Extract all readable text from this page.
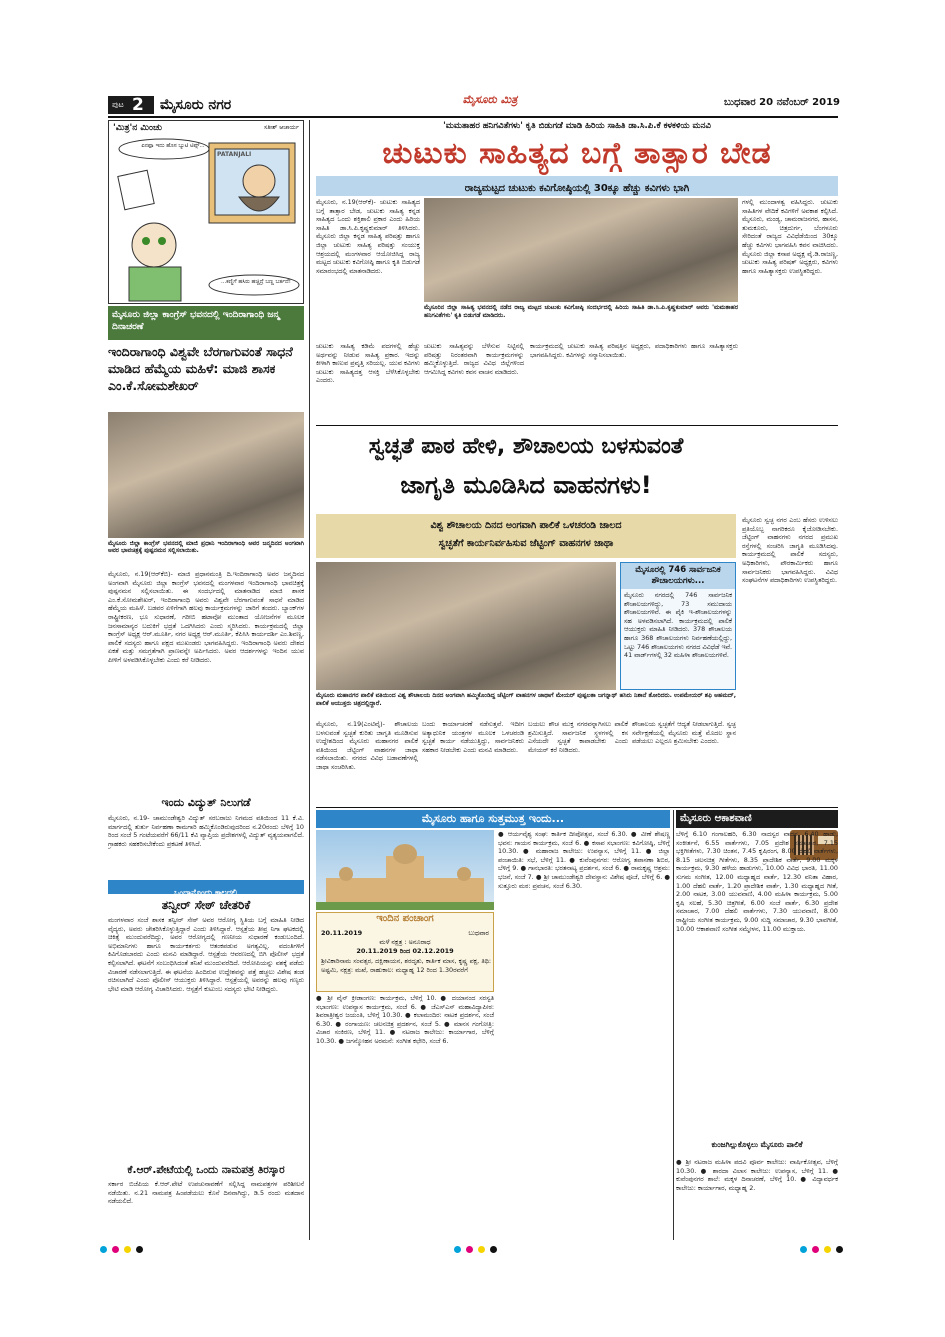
ಪುಟ 2 ಮೈಸೂರು ನಗರ	ಮೈಸೂರು ಮಿತ್ರ	ಬುಧವಾರ 20 ನವೆಂಬರ್ 2019
'ಮಿತ್ರ'ನ ಮಿಂಚು	ಸತೀಶ್ ಆಚಾರ್ಯ
ಏನಪ್ಪಾ ಇದು ಹೊಸ ಬ್ಯುಟಿ ಟಿಪ್ಸ್...
...ಕಣ್ಣಿಗೆ ಹಸಿರು ಹಚ್ಚಿದ್ರೆ ಬಣ್ಣ ಬರ್ತದೆ!
PATANJALI
ಮೈಸೂರು ಜಿಲ್ಲಾ ಕಾಂಗ್ರೆಸ್ ಭವನದಲ್ಲಿ ಇಂದಿರಾಗಾಂಧಿ ಜನ್ಮ ದಿನಾಚರಣೆ
ಇಂದಿರಾಗಾಂಧಿ ವಿಶ್ವವೇ ಬೆರಗಾಗುವಂತೆ ಸಾಧನೆ ಮಾಡಿದ ಹೆಮ್ಮೆಯ ಮಹಿಳೆ: ಮಾಜಿ ಶಾಸಕ ಎಂ.ಕೆ.ಸೋಮಶೇಖರ್
ಮೈಸೂರು ಜಿಲ್ಲಾ ಕಾಂಗ್ರೆಸ್ ಭವನದಲ್ಲಿ ಮಾಜಿ ಪ್ರಧಾನಿ ಇಂದಿರಾಗಾಂಧಿ ಅವರ ಜನ್ಮದಿನದ ಅಂಗವಾಗಿ ಅವರ ಭಾವಚಿತ್ರಕ್ಕೆ ಪುಷ್ಪನಮನ ಸಲ್ಲಿಸಲಾಯಿತು.
ಮೈಸೂರು, ನ.19(ಆರ್‌ಕೆಬಿ)- ಮಾಜಿ ಪ್ರಧಾನಮಂತ್ರಿ ದಿ.ಇಂದಿರಾಗಾಂಧಿ ಅವರ ಜನ್ಮದಿನದ ಅಂಗವಾಗಿ ಮೈಸೂರು ಜಿಲ್ಲಾ ಕಾಂಗ್ರೆಸ್ ಭವನದಲ್ಲಿ ಮಂಗಳವಾರ ಇಂದಿರಾಗಾಂಧಿ ಭಾವಚಿತ್ರಕ್ಕೆ ಪುಷ್ಪನಮನ ಸಲ್ಲಿಸಲಾಯಿತು. ಈ ಸಂದರ್ಭದಲ್ಲಿ ಮಾತನಾಡಿದ ಮಾಜಿ ಶಾಸಕ ಎಂ.ಕೆ.ಸೋಮಶೇಖರ್, ಇಂದಿರಾಗಾಂಧಿ ಅವರು ವಿಶ್ವವೇ ಬೆರಗಾಗುವಂತೆ ಸಾಧನೆ ಮಾಡಿದ ಹೆಮ್ಮೆಯ ಮಹಿಳೆ. ಬಡವರ ಏಳಿಗೆಗಾಗಿ ಹಲವು ಕಾರ್ಯಕ್ರಮಗಳನ್ನು ಜಾರಿಗೆ ತಂದರು. ಬ್ಯಾಂಕ್‌ಗಳ ರಾಷ್ಟ್ರೀಕರಣ, ಭೂ ಸುಧಾರಣೆ, ಗರೀಬಿ ಹಟಾವೋ ಮುಂತಾದ ಯೋಜನೆಗಳ ಮೂಲಕ ಜನಸಾಮಾನ್ಯರ ಬದುಕಿಗೆ ಭದ್ರತೆ ಒದಗಿಸಿದರು ಎಂದು ಸ್ಮರಿಸಿದರು. ಕಾರ್ಯಕ್ರಮದಲ್ಲಿ ಜಿಲ್ಲಾ ಕಾಂಗ್ರೆಸ್ ಅಧ್ಯಕ್ಷ ಆರ್.ಮೂರ್ತಿ, ನಗರ ಅಧ್ಯಕ್ಷ ಆರ್.ಮೂರ್ತಿ, ಕೆಪಿಸಿಸಿ ಕಾರ್ಯದರ್ಶಿ ಎಂ.ಶಿವಣ್ಣ, ಪಾಲಿಕೆ ಸದಸ್ಯರು ಹಾಗೂ ಪಕ್ಷದ ಮುಖಂಡರು ಭಾಗವಹಿಸಿದ್ದರು. ಇಂದಿರಾಗಾಂಧಿ ಅವರು ದೇಶದ ಏಕತೆ ಮತ್ತು ಸಮಗ್ರತೆಗಾಗಿ ಪ್ರಾಣವನ್ನೇ ಅರ್ಪಿಸಿದರು. ಅವರ ಆದರ್ಶಗಳನ್ನು ಇಂದಿನ ಯುವ ಪೀಳಿಗೆ ಅಳವಡಿಸಿಕೊಳ್ಳಬೇಕು ಎಂದು ಕರೆ ನೀಡಿದರು.
ಇಂದು ವಿದ್ಯುತ್ ನಿಲುಗಡೆ
ಮೈಸೂರು, ನ.19- ಚಾಮುಂಡೇಶ್ವರಿ ವಿದ್ಯುತ್ ಸರಬರಾಜು ನಿಗಮದ ವತಿಯಿಂದ 11 ಕೆ.ವಿ. ಮಾರ್ಗದಲ್ಲಿ ತುರ್ತು ನಿರ್ವಹಣಾ ಕಾಮಗಾರಿ ಹಮ್ಮಿಕೊಂಡಿರುವುದರಿಂದ ನ.20ರಂದು ಬೆಳಿಗ್ಗೆ 10 ರಿಂದ ಸಂಜೆ 5 ಗಂಟೆಯವರೆಗೆ 66/11 ಕೆವಿ ವ್ಯಾಪ್ತಿಯ ಪ್ರದೇಶಗಳಲ್ಲಿ ವಿದ್ಯುತ್ ವ್ಯತ್ಯಯವಾಗಲಿದೆ. ಗ್ರಾಹಕರು ಸಹಕರಿಸಬೇಕೆಂದು ಪ್ರಕಟಣೆ ತಿಳಿಸಿದೆ.
ಒಂದಾನೊಂದು ಕಾಲದಲ್ಲಿ
ತನ್ವೀರ್ ಸೇಠ್ ಚೇತರಿಕೆ
ಮಂಗಳವಾರ ಸಂಜೆ ಶಾಸಕ ತನ್ವೀರ್ ಸೇಠ್ ಅವರ ಆರೋಗ್ಯ ಸ್ಥಿತಿಯ ಬಗ್ಗೆ ಮಾಹಿತಿ ನೀಡಿದ ವೈದ್ಯರು, ಅವರು ಚೇತರಿಸಿಕೊಳ್ಳುತ್ತಿದ್ದಾರೆ ಎಂದು ತಿಳಿಸಿದ್ದಾರೆ. ಆಸ್ಪತ್ರೆಯ ತೀವ್ರ ನಿಗಾ ಘಟಕದಲ್ಲಿ ಚಿಕಿತ್ಸೆ ಮುಂದುವರೆದಿದ್ದು, ಅವರ ಆರೋಗ್ಯದಲ್ಲಿ ಗಣನೀಯ ಸುಧಾರಣೆ ಕಂಡುಬಂದಿದೆ. ಅಭಿಮಾನಿಗಳು ಹಾಗೂ ಕಾರ್ಯಕರ್ತರು ಆತಂಕಪಡುವ ಅಗತ್ಯವಿಲ್ಲ. ವದಂತಿಗಳಿಗೆ ಕಿವಿಗೊಡಬಾರದು ಎಂದು ಮನವಿ ಮಾಡಿದ್ದಾರೆ. ಆಸ್ಪತ್ರೆಯ ಆವರಣದಲ್ಲಿ ಬಿಗಿ ಪೊಲೀಸ್ ಭದ್ರತೆ ಕಲ್ಪಿಸಲಾಗಿದೆ. ಘಟನೆಗೆ ಸಂಬಂಧಿಸಿದಂತೆ ತನಿಖೆ ಮುಂದುವರೆದಿದೆ. ಆರೋಪಿಯನ್ನು ವಶಕ್ಕೆ ಪಡೆದು ವಿಚಾರಣೆ ನಡೆಸಲಾಗುತ್ತಿದೆ. ಈ ಘಟನೆಯ ಹಿಂದಿರುವ ಉದ್ದೇಶವನ್ನು ಪತ್ತೆ ಹಚ್ಚಲು ವಿಶೇಷ ತಂಡ ರಚಿಸಲಾಗಿದೆ ಎಂದು ಪೊಲೀಸ್ ಆಯುಕ್ತರು ತಿಳಿಸಿದ್ದಾರೆ. ಆಸ್ಪತ್ರೆಯಲ್ಲಿ ಅವರನ್ನು ಹಲವು ಗಣ್ಯರು ಭೇಟಿ ಮಾಡಿ ಆರೋಗ್ಯ ವಿಚಾರಿಸಿದರು. ಆಸ್ಪತ್ರೆಗೆ ಕುಟುಂಬ ಸದಸ್ಯರು ಭೇಟಿ ನೀಡಿದ್ದರು.
ಕೆ.ಆರ್.ಪೇಟೆಯಲ್ಲಿ ಒಂದು ನಾಮಪತ್ರ ತಿರಸ್ಕಾರ
ಸರ್ಕಾರ ಬಿಜೆಪಿಯ ಕೆ.ಆರ್.ಪೇಟೆ ಉಪಚುನಾವಣೆಗೆ ಸಲ್ಲಿಸಿದ್ದ ನಾಮಪತ್ರಗಳ ಪರಿಶೀಲನೆ ನಡೆಯಿತು. ನ.21 ನಾಮಪತ್ರ ಹಿಂಪಡೆಯಲು ಕೊನೆ ದಿನವಾಗಿದ್ದು, ಡಿ.5 ರಂದು ಮತದಾನ ನಡೆಯಲಿದೆ.
'ಮಮತಾಹರ ಹನಿಗವಿತೆಗಳು' ಕೃತಿ ಬಿಡುಗಡೆ ಮಾಡಿ ಹಿರಿಯ ಸಾಹಿತಿ ಡಾ.ಸಿ.ಪಿ.ಕೆ ಕಳಕಳಿಯ ಮನವಿ
ಚುಟುಕು ಸಾಹಿತ್ಯದ ಬಗ್ಗೆ ತಾತ್ಸಾರ ಬೇಡ
ರಾಜ್ಯಮಟ್ಟದ ಚುಟುಕು ಕವಿಗೋಷ್ಠಿಯಲ್ಲಿ 30ಕ್ಕೂ ಹೆಚ್ಚು ಕವಿಗಳು ಭಾಗಿ
ಮೈಸೂರು, ನ.19(ಆರ್‌ಕೆ)- ಚುಟುಕು ಸಾಹಿತ್ಯದ ಬಗ್ಗೆ ತಾತ್ಸಾರ ಬೇಡ, ಚುಟುಕು ಸಾಹಿತ್ಯ ಕನ್ನಡ ಸಾಹಿತ್ಯದ ಒಂದು ಶಕ್ತಿಶಾಲಿ ಪ್ರಕಾರ ಎಂದು ಹಿರಿಯ ಸಾಹಿತಿ ಡಾ.ಸಿ.ಪಿ.ಕೃಷ್ಣಕುಮಾರ್ ತಿಳಿಸಿದರು. ಮೈಸೂರು ಜಿಲ್ಲಾ ಕನ್ನಡ ಸಾಹಿತ್ಯ ಪರಿಷತ್ತು ಹಾಗೂ ಜಿಲ್ಲಾ ಚುಟುಕು ಸಾಹಿತ್ಯ ಪರಿಷತ್ತು ಸಂಯುಕ್ತ ಆಶ್ರಯದಲ್ಲಿ ಮಂಗಳವಾರ ಆಯೋಜಿಸಿದ್ದ ರಾಜ್ಯ ಮಟ್ಟದ ಚುಟುಕು ಕವಿಗೋಷ್ಠಿ ಹಾಗೂ ಕೃತಿ ಬಿಡುಗಡೆ ಸಮಾರಂಭದಲ್ಲಿ ಮಾತನಾಡಿದರು.
ಮೈಸೂರಿನ ಜಿಲ್ಲಾ ಸಾಹಿತ್ಯ ಭವನದಲ್ಲಿ ನಡೆದ ರಾಜ್ಯ ಮಟ್ಟದ ಚುಟುಕು ಕವಿಗೋಷ್ಠಿ ಸಂದರ್ಭದಲ್ಲಿ ಹಿರಿಯ ಸಾಹಿತಿ ಡಾ.ಸಿ.ಪಿ.ಕೃಷ್ಣಕುಮಾರ್ ಅವರು 'ಮಮತಾಹರ ಹನಿಗವಿತೆಗಳು' ಕೃತಿ ಬಿಡುಗಡೆ ಮಾಡಿದರು.
ಗಳಲ್ಲಿ ಮುಂದಾಳತ್ವ ವಹಿಸಿದ್ದರು. ಚುಟುಕು ಸಾಹಿತಿಗಳ ವೇದಿಕೆ ಕವಿಗಳಿಗೆ ಅವಕಾಶ ಕಲ್ಪಿಸಿದೆ. ಮೈಸೂರು, ಮಂಡ್ಯ, ಚಾಮರಾಜನಗರ, ಹಾಸನ, ತುಮಕೂರು, ಚಿತ್ರದುರ್ಗ, ಬೆಂಗಳೂರು ಸೇರಿದಂತೆ ರಾಜ್ಯದ ವಿವಿಧೆಡೆಯಿಂದ 30ಕ್ಕೂ ಹೆಚ್ಚು ಕವಿಗಳು ಭಾಗವಹಿಸಿ ಕವನ ವಾಚಿಸಿದರು. ಮೈಸೂರು ಜಿಲ್ಲಾ ಕಸಾಪ ಅಧ್ಯಕ್ಷ ವೈ.ಡಿ.ರಾಜಣ್ಣ, ಚುಟುಕು ಸಾಹಿತ್ಯ ಪರಿಷತ್ ಅಧ್ಯಕ್ಷರು, ಕವಿಗಳು ಹಾಗೂ ಸಾಹಿತ್ಯಾಸಕ್ತರು ಉಪಸ್ಥಿತರಿದ್ದರು.
ಚುಟುಕು ಸಾಹಿತ್ಯ ಕಡಿಮೆ ಪದಗಳಲ್ಲಿ ಹೆಚ್ಚು ಅರ್ಥವನ್ನು ನೀಡುವ ಸಾಹಿತ್ಯ ಪ್ರಕಾರ. ಇದನ್ನು ಕೀಳಾಗಿ ಕಾಣುವ ಪ್ರವೃತ್ತಿ ಸರಿಯಲ್ಲ. ಯುವ ಕವಿಗಳು ಚುಟುಕು ಸಾಹಿತ್ಯದತ್ತ ಆಸಕ್ತಿ ಬೆಳೆಸಿಕೊಳ್ಳಬೇಕು ಎಂದರು.
ಚುಟುಕು ಸಾಹಿತ್ಯವನ್ನು ಬೆಳೆಸುವ ನಿಟ್ಟಿನಲ್ಲಿ ಪರಿಷತ್ತು ನಿರಂತರವಾಗಿ ಕಾರ್ಯಕ್ರಮಗಳನ್ನು ಹಮ್ಮಿಕೊಳ್ಳುತ್ತಿದೆ. ರಾಜ್ಯದ ವಿವಿಧ ಜಿಲ್ಲೆಗಳಿಂದ ಆಗಮಿಸಿದ್ದ ಕವಿಗಳು ಕವನ ವಾಚನ ಮಾಡಿದರು.
ಕಾರ್ಯಕ್ರಮದಲ್ಲಿ ಚುಟುಕು ಸಾಹಿತ್ಯ ಪರಿಷತ್ತಿನ ಅಧ್ಯಕ್ಷರು, ಪದಾಧಿಕಾರಿಗಳು ಹಾಗೂ ಸಾಹಿತ್ಯಾಸಕ್ತರು ಭಾಗವಹಿಸಿದ್ದರು. ಕವಿಗಳನ್ನು ಸನ್ಮಾನಿಸಲಾಯಿತು.
ಸ್ವಚ್ಛತೆ ಪಾಠ ಹೇಳಿ, ಶೌಚಾಲಯ ಬಳಸುವಂತೆ
ಜಾಗೃತಿ ಮೂಡಿಸಿದ ವಾಹನಗಳು!
ವಿಶ್ವ ಶೌಚಾಲಯ ದಿನದ ಅಂಗವಾಗಿ ಪಾಲಿಕೆ ಒಳಚರಂಡಿ ಜಾಲದ
ಸ್ವಚ್ಛತೆಗೆ ಕಾರ್ಯನಿರ್ವಹಿಸುವ ಜೆಟ್ಟಿಂಗ್ ವಾಹನಗಳ ಜಾಥಾ
ಮೈಸೂರು ಮಹಾನಗರ ಪಾಲಿಕೆ ವತಿಯಿಂದ ವಿಶ್ವ ಶೌಚಾಲಯ ದಿನದ ಅಂಗವಾಗಿ ಹಮ್ಮಿಕೊಂಡಿದ್ದ ಜೆಟ್ಟಿಂಗ್ ವಾಹನಗಳ ಜಾಥಾಗೆ ಮೇಯರ್ ಪುಷ್ಪಲತಾ ಜಗನ್ನಾಥ್ ಹಸಿರು ನಿಶಾನೆ ತೋರಿದರು. ಉಪಮೇಯರ್ ಶಫಿ ಅಹಮದ್, ಪಾಲಿಕೆ ಆಯುಕ್ತರು ಚಿತ್ರದಲ್ಲಿದ್ದಾರೆ.
ಮೈಸೂರಲ್ಲಿ 746 ಸಾರ್ವಜನಿಕ ಶೌಚಾಲಯಗಳು...
ಮೈಸೂರು ನಗರದಲ್ಲಿ 746 ಸಾರ್ವಜನಿಕ ಶೌಚಾಲಯಗಳಿದ್ದು, 73 ಸಮುದಾಯ ಶೌಚಾಲಯಗಳಿವೆ. ಈ ಪೈಕಿ ಇ-ಶೌಚಾಲಯಗಳನ್ನು ಸಹ ಅಳವಡಿಸಲಾಗಿದೆ. ಕಾರ್ಯಕ್ರಮದಲ್ಲಿ ಪಾಲಿಕೆ ಆಯುಕ್ತರು ಮಾಹಿತಿ ನೀಡಿದರು. 378 ಶೌಚಾಲಯ ಹಾಗೂ 368 ಶೌಚಾಲಯಗಳು ನಿರ್ವಹಣೆಯಲ್ಲಿದ್ದು, ಒಟ್ಟು 746 ಶೌಚಾಲಯಗಳು ನಗರದ ವಿವಿಧೆಡೆ ಇವೆ. 41 ವಾರ್ಡ್‌ಗಳಲ್ಲಿ 32 ಮಹಿಳಾ ಶೌಚಾಲಯಗಳಿವೆ.
ಮೈಸೂರು, ನ.19(ಎಂಟಿವೈ)- ಶೌಚಾಲಯ ಬಳಸುವಂತೆ ಸ್ವಚ್ಛತೆ ಕುರಿತು ಜಾಗೃತಿ ಮೂಡಿಸುವ ಉದ್ದೇಶದಿಂದ ಮೈಸೂರು ಮಹಾನಗರ ಪಾಲಿಕೆ ವತಿಯಿಂದ ಜೆಟ್ಟಿಂಗ್ ವಾಹನಗಳ ಜಾಥಾ ನಡೆಸಲಾಯಿತು. ನಗರದ ವಿವಿಧ ಬಡಾವಣೆಗಳಲ್ಲಿ ಜಾಥಾ ಸಂಚರಿಸಿತು.
ಬಂದು ಕಾರ್ಯಾಚರಣೆ ನಡೆಸುತ್ತವೆ. ಇದೀಗ ಅತ್ಯಾಧುನಿಕ ಯಂತ್ರಗಳ ಮೂಲಕ ಒಳಚರಂಡಿ ಸ್ವಚ್ಛತೆ ಕಾರ್ಯ ನಡೆಯುತ್ತಿದ್ದು, ಸಾರ್ವಜನಿಕರು ಸಹಕಾರ ನೀಡಬೇಕು ಎಂದು ಮನವಿ ಮಾಡಿದರು.
ಬಯಲು ಶೌಚ ಮುಕ್ತ ನಗರವನ್ನಾಗಿಸಲು ಪಾಲಿಕೆ ಶ್ರಮಿಸುತ್ತಿದೆ. ಸಾರ್ವಜನಿಕ ಸ್ಥಳಗಳಲ್ಲಿ ಕಸ ಎಸೆಯದೇ ಸ್ವಚ್ಛತೆ ಕಾಪಾಡಬೇಕು ಎಂದು ಮೇಯರ್ ಕರೆ ನೀಡಿದರು.
ಶೌಚಾಲಯ ಸ್ವಚ್ಛತೆಗೆ ಆದ್ಯತೆ ನೀಡಲಾಗುತ್ತಿದೆ. ಸ್ವಚ್ಛ ಸರ್ವೇಕ್ಷಣೆಯಲ್ಲಿ ಮೈಸೂರು ಮತ್ತೆ ಮೊದಲ ಸ್ಥಾನ ಪಡೆಯಲು ಎಲ್ಲರೂ ಶ್ರಮಿಸಬೇಕು ಎಂದರು.
ಮೈಸೂರು ಸ್ವಚ್ಛ ನಗರ ಎಂಬ ಹೆಸರು ಉಳಿಸಲು ಪ್ರತಿಯೊಬ್ಬ ನಾಗರಿಕರೂ ಕೈಜೋಡಿಸಬೇಕು. ಜೆಟ್ಟಿಂಗ್ ವಾಹನಗಳು ನಗರದ ಪ್ರಮುಖ ರಸ್ತೆಗಳಲ್ಲಿ ಸಂಚರಿಸಿ ಜಾಗೃತಿ ಮೂಡಿಸಿದವು. ಕಾರ್ಯಕ್ರಮದಲ್ಲಿ ಪಾಲಿಕೆ ಸದಸ್ಯರು, ಅಧಿಕಾರಿಗಳು, ಪೌರಕಾರ್ಮಿಕರು ಹಾಗೂ ಸಾರ್ವಜನಿಕರು ಭಾಗವಹಿಸಿದ್ದರು. ವಿವಿಧ ಸಂಘಟನೆಗಳ ಪದಾಧಿಕಾರಿಗಳು ಉಪಸ್ಥಿತರಿದ್ದರು.
ಮೈಸೂರು ಹಾಗೂ ಸುತ್ತಮುತ್ತ ಇಂದು...
ಇಂದಿನ ಪಂಚಾಂಗ
20.11.2019	ಬುಧವಾರ
ಮಳೆ ನಕ್ಷತ್ರ : ಅನೂರಾಧ
20.11.2019 ರಿಂದ 02.12.2019
ಶ್ರೀವಿಕಾರಿನಾಮ ಸಂವತ್ಸರ, ದಕ್ಷಿಣಾಯನ, ಶರದೃತು, ಕಾರ್ತಿಕ ಮಾಸ, ಕೃಷ್ಣ ಪಕ್ಷ, ತಿಥಿ: ಅಷ್ಟಮಿ, ನಕ್ಷತ್ರ: ಮಖೆ, ರಾಹುಕಾಲ: ಮಧ್ಯಾಹ್ನ 12 ರಿಂದ 1.30ರವರೆಗೆ
● ಶ್ರೀ ವೈನ್ ಕ್ರೀಡಾಂಗಣ: ಕಾರ್ಯಕ್ರಮ, ಬೆಳಿಗ್ಗೆ 10. ● ದಯಾನಂದ ಸರಸ್ವತಿ ಸಭಾಂಗಣ: ಉಪನ್ಯಾಸ ಕಾರ್ಯಕ್ರಮ, ಸಂಜೆ 6. ● ಜೆಎಸ್‌ಎಸ್ ಮಹಾವಿದ್ಯಾಪೀಠ: ಶಿವರಾತ್ರೀಶ್ವರ ಜಯಂತಿ, ಬೆಳಿಗ್ಗೆ 10.30. ● ಕಲಾಮಂದಿರ: ನಾಟಕ ಪ್ರದರ್ಶನ, ಸಂಜೆ 6.30. ● ರಂಗಾಯಣ: ಚಲನಚಿತ್ರ ಪ್ರದರ್ಶನ, ಸಂಜೆ 5. ● ಮಾನಸ ಗಂಗೋತ್ರಿ: ವಿಚಾರ ಸಂಕಿರಣ, ಬೆಳಿಗ್ಗೆ 11. ● ನಟರಾಜ ಕಾಲೇಜು: ಕಾರ್ಯಾಗಾರ, ಬೆಳಿಗ್ಗೆ 10.30. ● ಜಗನ್ಮೋಹನ ಅರಮನೆ: ಸಂಗೀತ ಕಛೇರಿ, ಸಂಜೆ 6.
● ಆರ್ಯವೈಶ್ಯ ಸಂಘ: ಕಾರ್ತಿಕ ದೀಪೋತ್ಸವ, ಸಂಜೆ 6.30. ● ವೀಣೆ ಶೇಷಣ್ಣ ಭವನ: ಗಾಯನ ಕಾರ್ಯಕ್ರಮ, ಸಂಜೆ 6. ● ಕಸಾಪ ಸಭಾಂಗಣ: ಕವಿಗೋಷ್ಠಿ, ಬೆಳಿಗ್ಗೆ 10.30. ● ಮಹಾರಾಜ ಕಾಲೇಜು: ಉಪನ್ಯಾಸ, ಬೆಳಿಗ್ಗೆ 11. ● ಜಿಲ್ಲಾ ಪಂಚಾಯಿತಿ: ಸಭೆ, ಬೆಳಿಗ್ಗೆ 11. ● ಕುವೆಂಪುನಗರ: ಆರೋಗ್ಯ ತಪಾಸಣಾ ಶಿಬಿರ, ಬೆಳಿಗ್ಗೆ 9. ● ಗಾನಭಾರತಿ: ಭರತನಾಟ್ಯ ಪ್ರದರ್ಶನ, ಸಂಜೆ 6. ● ರಾಮಕೃಷ್ಣ ಆಶ್ರಮ: ಭಜನೆ, ಸಂಜೆ 7. ● ಶ್ರೀ ಚಾಮುಂಡೇಶ್ವರಿ ದೇವಸ್ಥಾನ: ವಿಶೇಷ ಪೂಜೆ, ಬೆಳಿಗ್ಗೆ 6. ● ಸುತ್ತೂರು ಮಠ: ಪ್ರವಚನ, ಸಂಜೆ 6.30.
ಮೈಸೂರು ಆಕಾಶವಾಣಿ
ಬೆಳಿಗ್ಗೆ 6.10 ಗಂಗಾಲಹರಿ, 6.30 ನಾದಸ್ವರ ವಾದನ, 6.40 ಹಾಡು, ಸಂಕೀರ್ತನೆ, 6.55 ವಾರ್ತೆಗಳು, 7.05 ಪ್ರದೇಶ ಸಮಾಚಾರ, 7.15 ಭಕ್ತಿಗೀತೆಗಳು, 7.30 ಚಿಂತನ, 7.45 ಕೃಷಿರಂಗ, 8.00 ದೆಹಲಿ ವಾರ್ತೆಗಳು, 8.15 ಚಲನಚಿತ್ರ ಗೀತೆಗಳು, 8.35 ಪ್ರಾದೇಶಿಕ ವಾರ್ತೆ, 9.00 ಮಕ್ಕಳ ಕಾರ್ಯಕ್ರಮ, 9.30 ಹಳೆಯ ಹಾಡುಗಳು, 10.00 ವಿವಿಧ ಭಾರತಿ, 11.00 ಸುಗಮ ಸಂಗೀತ, 12.00 ಮಧ್ಯಾಹ್ನದ ವಾರ್ತೆ, 12.30 ವನಿತಾ ವಿಹಾರ, 1.00 ದೆಹಲಿ ವಾರ್ತೆ, 1.20 ಪ್ರಾದೇಶಿಕ ವಾರ್ತೆ, 1.30 ಮಧ್ಯಾಹ್ನದ ಗೀತೆ, 2.00 ನಾಟಕ, 3.00 ಯುವವಾಣಿ, 4.00 ಮಹಿಳಾ ಕಾರ್ಯಕ್ರಮ, 5.00 ಕೃಷಿ ಸಲಹೆ, 5.30 ಚಿತ್ರಗೀತೆ, 6.00 ಸಂಜೆ ವಾರ್ತೆ, 6.30 ಪ್ರದೇಶ ಸಮಾಚಾರ, 7.00 ದೆಹಲಿ ವಾರ್ತೆಗಳು, 7.30 ಯುವವಾಣಿ, 8.00 ರಾಷ್ಟ್ರೀಯ ಸಂಗೀತ ಕಾರ್ಯಕ್ರಮ, 9.00 ಸುದ್ದಿ ಸಮಾಚಾರ, 9.30 ಭಾವಗೀತೆ, 10.00 ಆಕಾಶವಾಣಿ ಸಂಗೀತ ಸಮ್ಮೇಳನ, 11.00 ಮುಕ್ತಾಯ.
ಕುಂಜಗಿಲ್ಲುಕೊಳ್ಳಲು ಮೈಸೂರು ಪಾಲಿಕೆ
● ಶ್ರೀ ನಟರಾಜ ಮಹಿಳಾ ಪದವಿ ಪೂರ್ವ ಕಾಲೇಜು: ವಾರ್ಷಿಕೋತ್ಸವ, ಬೆಳಿಗ್ಗೆ 10.30. ● ಶಾರದಾ ವಿಲಾಸ ಕಾಲೇಜು: ಉಪನ್ಯಾಸ, ಬೆಳಿಗ್ಗೆ 11. ● ಕುವೆಂಪುನಗರ ಶಾಲೆ: ಮಕ್ಕಳ ದಿನಾಚರಣೆ, ಬೆಳಿಗ್ಗೆ 10. ● ವಿದ್ಯಾವರ್ಧಕ ಕಾಲೇಜು: ಕಾರ್ಯಾಗಾರ, ಮಧ್ಯಾಹ್ನ 2.
